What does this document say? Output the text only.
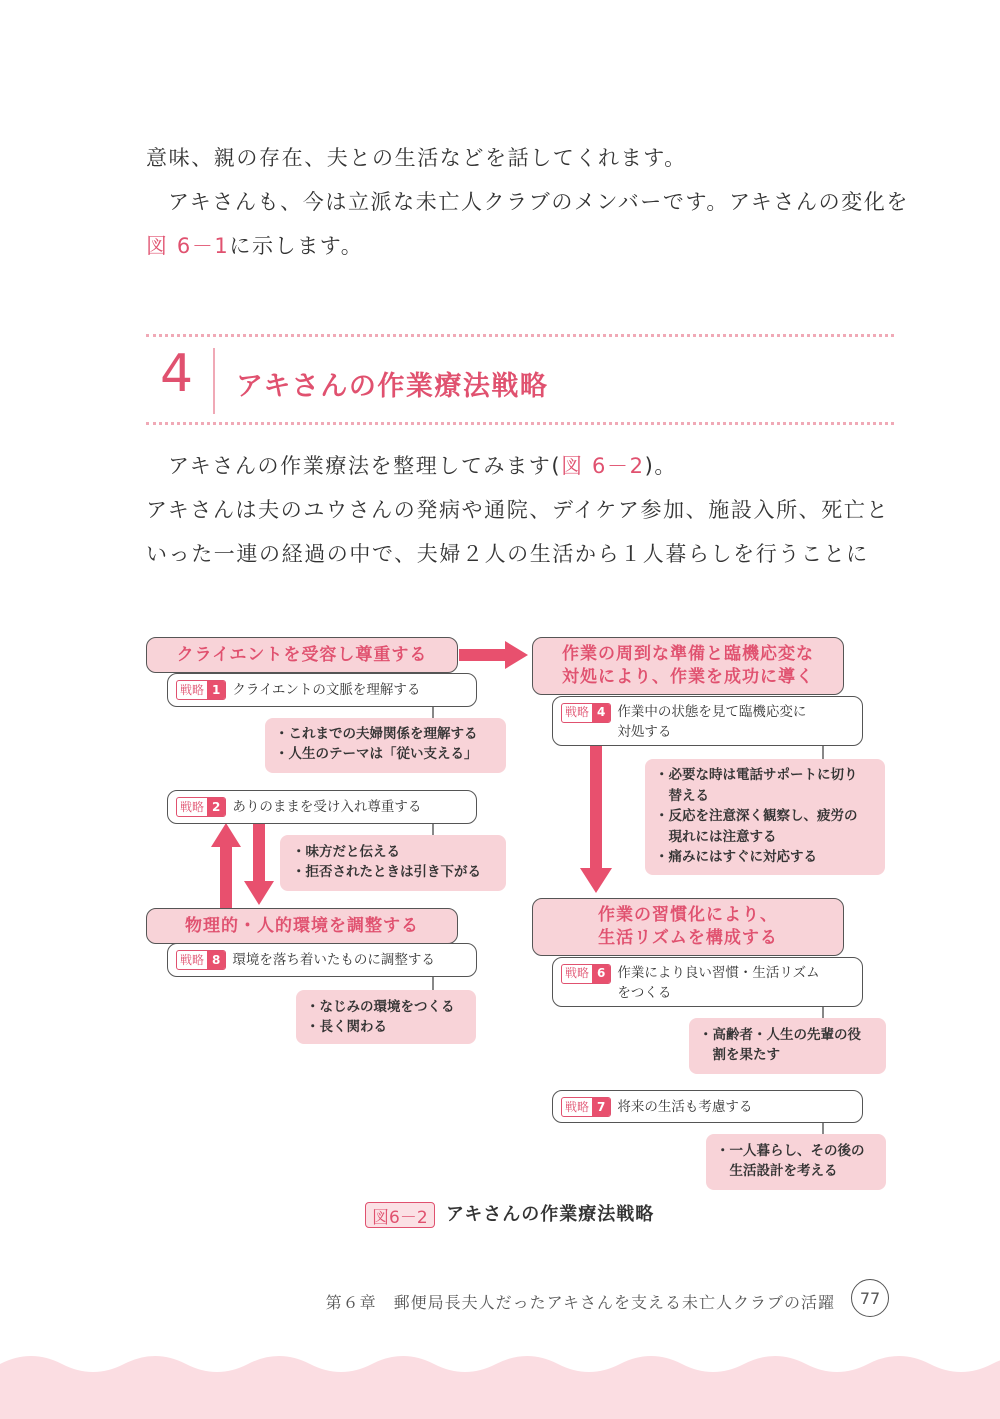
意味、親の存在、夫との生活などを話してくれます。
アキさんも、今は立派な未亡人クラブのメンバーです。アキさんの変化を
図 6－1に示します。
4 アキさんの作業療法戦略
アキさんの作業療法を整理してみます(図 6－2)。
アキさんは夫のユウさんの発病や通院、デイケア参加、施設入所、死亡と
いった一連の経過の中で、夫婦２人の生活から１人暮らしを行うことに
クライエントを受容し尊重する
戦略 1 クライエントの文脈を理解する
・これまでの夫婦関係を理解する
・人生のテーマは「従い支える」
戦略 2 ありのままを受け入れ尊重する
・味方だと伝える
・拒否されたときは引き下がる
物理的・人的環境を調整する
戦略 8 環境を落ち着いたものに調整する
・なじみの環境をつくる
・長く関わる
作業の周到な準備と臨機応変な
対処により、作業を成功に導く
戦略 4 作業中の状態を見て臨機応変に
対処する
・必要な時は電話サポートに切り
　替える
・反応を注意深く観察し、疲労の
　現れには注意する
・痛みにはすぐに対応する
作業の習慣化により、
生活リズムを構成する
戦略 6 作業により良い習慣・生活リズム
をつくる
・高齢者・人生の先輩の役
　割を果たす
戦略 7 将来の生活も考慮する
・一人暮らし、その後の
　生活設計を考える
図6－2	アキさんの作業療法戦略
第６章　郵便局長夫人だったアキさんを支える未亡人クラブの活躍	77
